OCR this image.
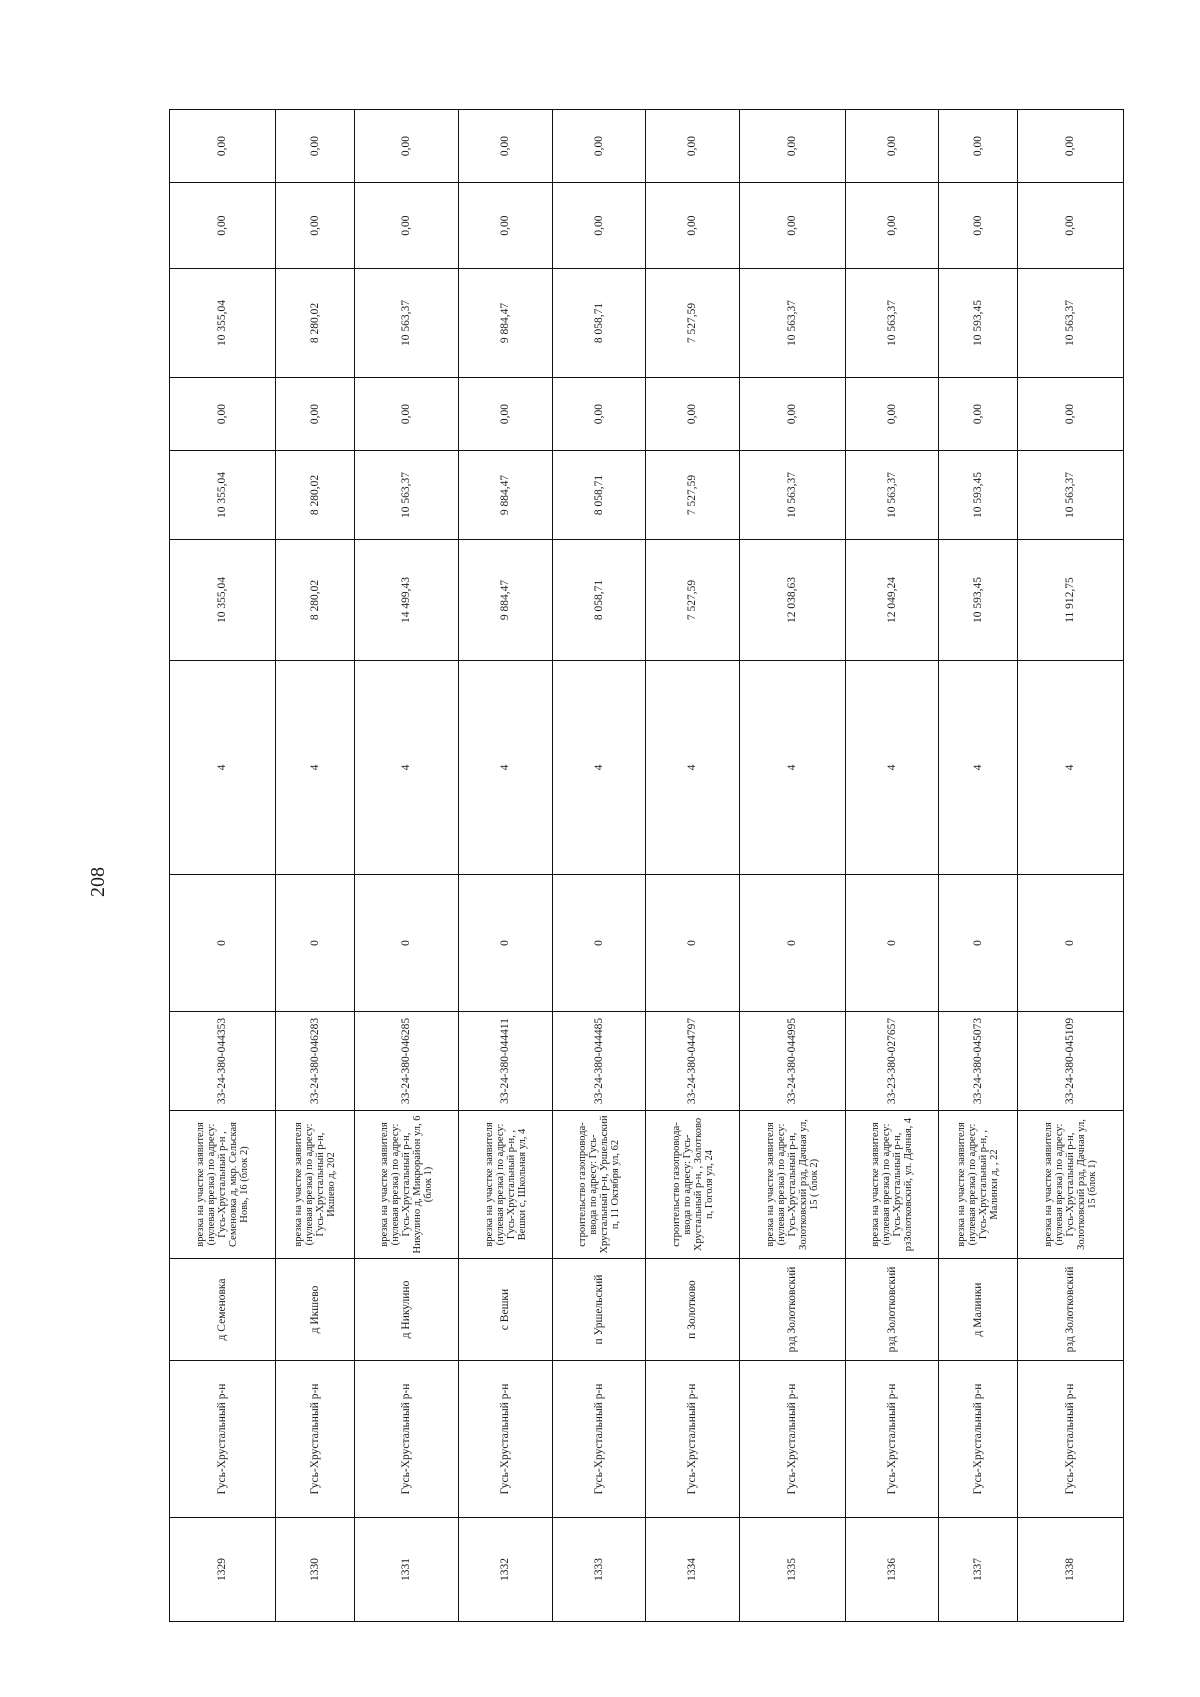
208
1329	Гусь-Хрустальный р-н	д Семеновка	врезка на участке заявителя (нулевая врезка) по адресу: Гусь-Хрустальный р-н , Семеновка д, мкр. Сельская Новь, 16 (блок 2)	33-24-380-044353	0	4	10 355,04	10 355,04	0,00	10 355,04	0,00	0,00
1330	Гусь-Хрустальный р-н	д Икшево	врезка на участке заявителя (нулевая врезка) по адресу: Гусь-Хрустальный р-н, Икшево д, 202	33-24-380-046283	0	4	8 280,02	8 280,02	0,00	8 280,02	0,00	0,00
1331	Гусь-Хрустальный р-н	д Никулино	врезка на участке заявителя (нулевая врезка) по адресу: Гусь-Хрустальный р-н, Никулино д, Микрорайон ул, 6 (блок 1)	33-24-380-046285	0	4	14 499,43	10 563,37	0,00	10 563,37	0,00	0,00
1332	Гусь-Хрустальный р-н	с Вешки	врезка на участке заявителя (нулевая врезка) по адресу: Гусь-Хрустальный р-н, , Вешки с, Школьная ул, 4	33-24-380-044411	0	4	9 884,47	9 884,47	0,00	9 884,47	0,00	0,00
1333	Гусь-Хрустальный р-н	п Уршельский	строительство газопровода-ввода по адресу: Гусь-Хрустальный р-н, Уршельский п, 11 Октября ул, 62	33-24-380-044485	0	4	8 058,71	8 058,71	0,00	8 058,71	0,00	0,00
1334	Гусь-Хрустальный р-н	п Золотково	строительство газопровода-ввода по адресу: Гусь-Хрустальный р-н, , Золотково п, Гоголя ул, 24	33-24-380-044797	0	4	7 527,59	7 527,59	0,00	7 527,59	0,00	0,00
1335	Гусь-Хрустальный р-н	рзд Золотковский	врезка на участке заявителя (нулевая врезка) по адресу: Гусь-Хрустальный р-н, Золотковский рзд, Дачная ул, 15 ( блок 2)	33-24-380-044995	0	4	12 038,63	10 563,37	0,00	10 563,37	0,00	0,00
1336	Гусь-Хрустальный р-н	рзд Золотковский	врезка на участке заявителя (нулевая врезка) по адресу: Гусь-Хрустальный р-н, рзЗолотковский, ул. Дачная, 4	33-23-380-027657	0	4	12 049,24	10 563,37	0,00	10 563,37	0,00	0,00
1337	Гусь-Хрустальный р-н	д Малинки	врезка на участке заявителя (нулевая врезка) по адресу: Гусь-Хрустальный р-н, , Малинки д, , 22	33-24-380-045073	0	4	10 593,45	10 593,45	0,00	10 593,45	0,00	0,00
1338	Гусь-Хрустальный р-н	рзд Золотковский	врезка на участке заявителя (нулевая врезка) по адресу: Гусь-Хрустальный р-н, Золотковский рзд, Дачная ул, 15 (блок 1)	33-24-380-045109	0	4	11 912,75	10 563,37	0,00	10 563,37	0,00	0,00
